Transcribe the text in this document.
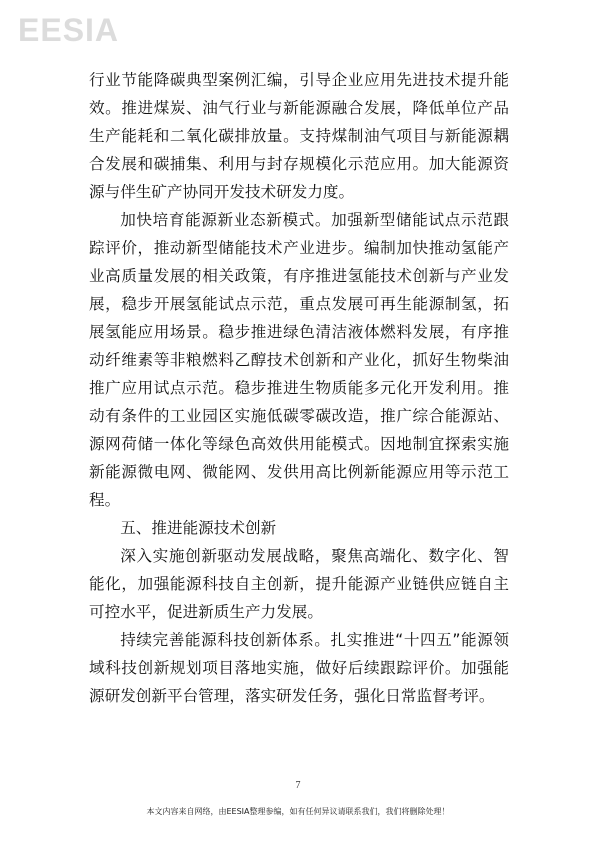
EESIA

行业节能降碳典型案例汇编，引导企业应用先进技术提升能效。推进煤炭、油气行业与新能源融合发展，降低单位产品生产能耗和二氧化碳排放量。支持煤制油气项目与新能源耦合发展和碳捕集、利用与封存规模化示范应用。加大能源资源与伴生矿产协同开发技术研发力度。

加快培育能源新业态新模式。加强新型储能试点示范跟踪评价，推动新型储能技术产业进步。编制加快推动氢能产业高质量发展的相关政策，有序推进氢能技术创新与产业发展，稳步开展氢能试点示范，重点发展可再生能源制氢，拓展氢能应用场景。稳步推进绿色清洁液体燃料发展，有序推动纤维素等非粮燃料乙醇技术创新和产业化，抓好生物柴油推广应用试点示范。稳步推进生物质能多元化开发利用。推动有条件的工业园区实施低碳零碳改造，推广综合能源站、源网荷储一体化等绿色高效供用能模式。因地制宜探索实施新能源微电网、微能网、发供用高比例新能源应用等示范工程。

五、推进能源技术创新

深入实施创新驱动发展战略，聚焦高端化、数字化、智能化，加强能源科技自主创新，提升能源产业链供应链自主可控水平，促进新质生产力发展。

持续完善能源科技创新体系。扎实推进“十四五”能源领域科技创新规划项目落地实施，做好后续跟踪评价。加强能源研发创新平台管理，落实研发任务，强化日常监督考评。

7
本文内容来自网络，由EESIA整理参编，如有任何异议请联系我们，我们将删除处理！
